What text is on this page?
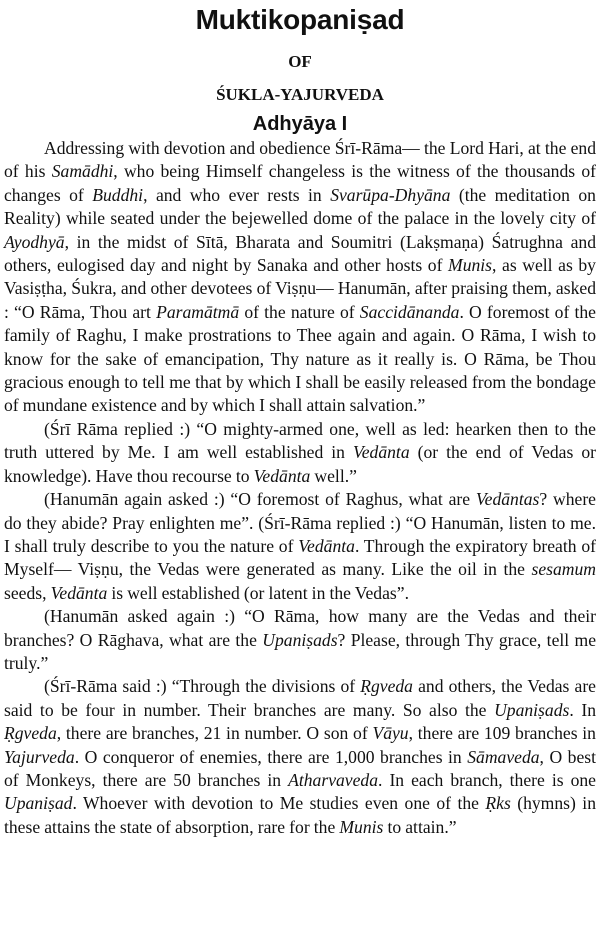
Muktikopaniṣad
OF
ŚUKLA-YAJURVEDA
Adhyāya I

Addressing with devotion and obedience Śrī-Rāma— the Lord Hari, at the end of his Samādhi, who being Himself changeless is the witness of the thousands of changes of Buddhi, and who ever rests in Svarūpa-Dhyāna (the meditation on Reality) while seated under the bejewelled dome of the palace in the lovely city of Ayodhyā, in the midst of Sītā, Bharata and Soumitri (Lakṣmaṇa) Śatrughna and others, eulogised day and night by Sanaka and other hosts of Munis, as well as by Vasiṣṭha, Śukra, and other devotees of Viṣṇu— Hanumān, after praising them, asked : “O Rāma, Thou art Paramātmā of the nature of Saccidānanda. O foremost of the family of Raghu, I make prostrations to Thee again and again. O Rāma, I wish to know for the sake of emancipation, Thy nature as it really is. O Rāma, be Thou gracious enough to tell me that by which I shall be easily released from the bondage of mundane existence and by which I shall attain salvation.”

(Śrī Rāma replied :) “O mighty-armed one, well as led: hearken then to the truth uttered by Me. I am well established in Vedānta (or the end of Vedas or knowledge). Have thou recourse to Vedānta well.”

(Hanumān again asked :) “O foremost of Raghus, what are Vedāntas? where do they abide? Pray enlighten me”. (Śrī-Rāma replied :) “O Hanumān, listen to me. I shall truly describe to you the nature of Vedānta. Through the expiratory breath of Myself— Viṣṇu, the Vedas were generated as many. Like the oil in the sesamum seeds, Vedānta is well established (or latent in the Vedas”.

(Hanumān asked again :) “O Rāma, how many are the Vedas and their branches? O Rāghava, what are the Upaniṣads? Please, through Thy grace, tell me truly.”

(Śrī-Rāma said :) “Through the divisions of Ṛgveda and others, the Vedas are said to be four in number. Their branches are many. So also the Upaniṣads. In Ṛgveda, there are branches, 21 in number. O son of Vāyu, there are 109 branches in Yajurveda. O conqueror of enemies, there are 1,000 branches in Sāmaveda, O best of Monkeys, there are 50 branches in Atharvaveda. In each branch, there is one Upaniṣad. Whoever with devotion to Me studies even one of the Ṛks (hymns) in these attains the state of absorption, rare for the Munis to attain.”
